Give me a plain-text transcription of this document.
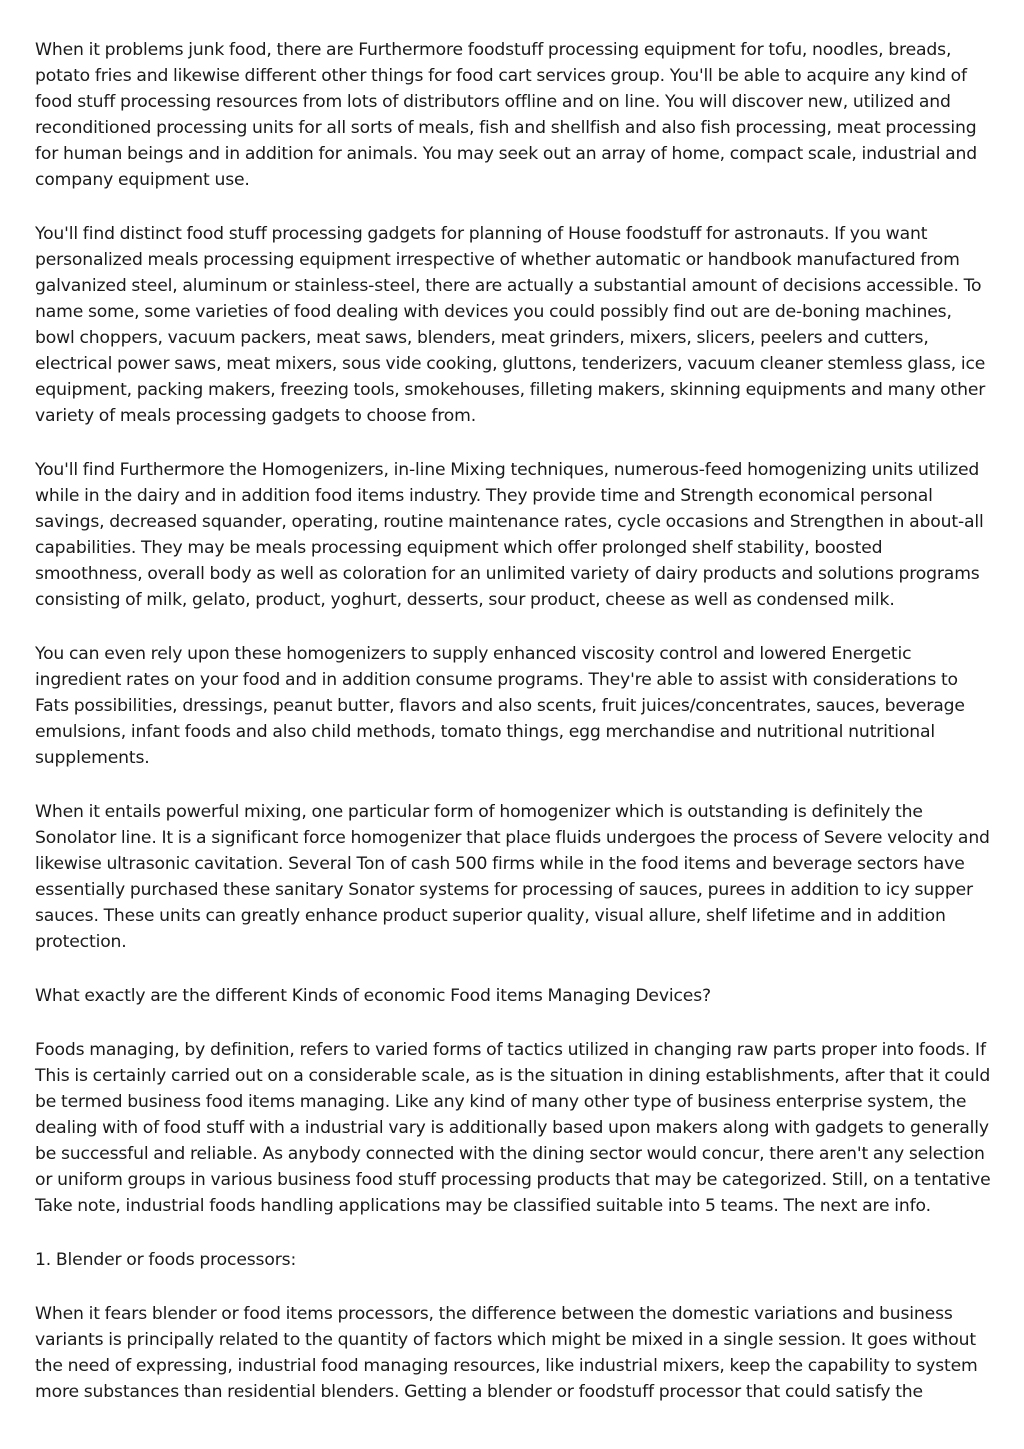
When it problems junk food, there are Furthermore foodstuff processing equipment for tofu, noodles, breads, potato fries and likewise different other things for food cart services group. You'll be able to acquire any kind of food stuff processing resources from lots of distributors offline and on line. You will discover new, utilized and reconditioned processing units for all sorts of meals, fish and shellfish and also fish processing, meat processing for human beings and in addition for animals. You may seek out an array of home, compact scale, industrial and company equipment use.

You'll find distinct food stuff processing gadgets for planning of House foodstuff for astronauts. If you want personalized meals processing equipment irrespective of whether automatic or handbook manufactured from galvanized steel, aluminum or stainless-steel, there are actually a substantial amount of decisions accessible. To name some, some varieties of food dealing with devices you could possibly find out are de-boning machines, bowl choppers, vacuum packers, meat saws, blenders, meat grinders, mixers, slicers, peelers and cutters, electrical power saws, meat mixers, sous vide cooking, gluttons, tenderizers, vacuum cleaner stemless glass, ice equipment, packing makers, freezing tools, smokehouses, filleting makers, skinning equipments and many other variety of meals processing gadgets to choose from.

You'll find Furthermore the Homogenizers, in-line Mixing techniques, numerous-feed homogenizing units utilized while in the dairy and in addition food items industry. They provide time and Strength economical personal savings, decreased squander, operating, routine maintenance rates, cycle occasions and Strengthen in about-all capabilities. They may be meals processing equipment which offer prolonged shelf stability, boosted smoothness, overall body as well as coloration for an unlimited variety of dairy products and solutions programs consisting of milk, gelato, product, yoghurt, desserts, sour product, cheese as well as condensed milk.

You can even rely upon these homogenizers to supply enhanced viscosity control and lowered Energetic ingredient rates on your food and in addition consume programs. They're able to assist with considerations to Fats possibilities, dressings, peanut butter, flavors and also scents, fruit juices/concentrates, sauces, beverage emulsions, infant foods and also child methods, tomato things, egg merchandise and nutritional nutritional supplements.

When it entails powerful mixing, one particular form of homogenizer which is outstanding is definitely the Sonolator line. It is a significant force homogenizer that place fluids undergoes the process of Severe velocity and likewise ultrasonic cavitation. Several Ton of cash 500 firms while in the food items and beverage sectors have essentially purchased these sanitary Sonator systems for processing of sauces, purees in addition to icy supper sauces. These units can greatly enhance product superior quality, visual allure, shelf lifetime and in addition protection.

What exactly are the different Kinds of economic Food items Managing Devices?

Foods managing, by definition, refers to varied forms of tactics utilized in changing raw parts proper into foods. If This is certainly carried out on a considerable scale, as is the situation in dining establishments, after that it could be termed business food items managing. Like any kind of many other type of business enterprise system, the dealing with of food stuff with a industrial vary is additionally based upon makers along with gadgets to generally be successful and reliable. As anybody connected with the dining sector would concur, there aren't any selection or uniform groups in various business food stuff processing products that may be categorized. Still, on a tentative Take note, industrial foods handling applications may be classified suitable into 5 teams. The next are info.

1. Blender or foods processors:

When it fears blender or food items processors, the difference between the domestic variations and business variants is principally related to the quantity of factors which might be mixed in a single session. It goes without the need of expressing, industrial food managing resources, like industrial mixers, keep the capability to system more substances than residential blenders. Getting a blender or foodstuff processor that could satisfy the
